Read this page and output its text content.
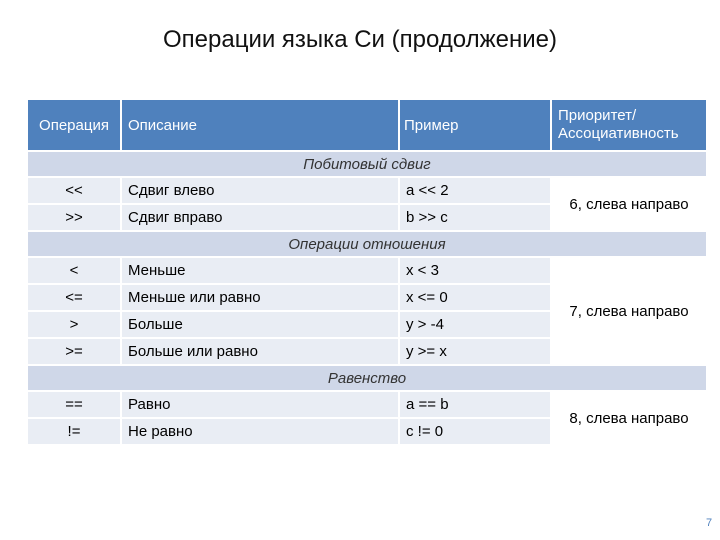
Операции языка Си (продолжение)
Операция	Описание	Пример	Приоритет/ Ассоциативность
Побитовый сдвиг			
<<	Сдвиг влево	a << 2	6, слева направо
>>	Сдвиг вправо	b >> c	
Операции отношения			
<	Меньше	x < 3	7, слева направо
<=	Меньше или равно	x <= 0	
>	Больше	y > -4	
>=	Больше или равно	y >= x	
Равенство			
==	Равно	a == b	8, слева направо
!=	Не равно	c != 0	
7
